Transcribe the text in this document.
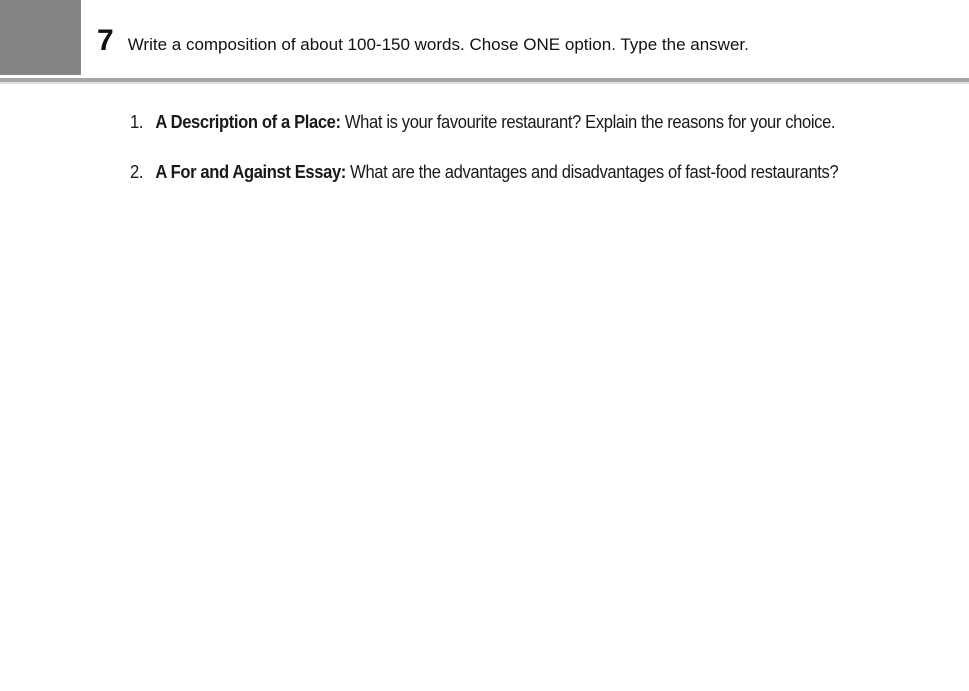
7 Write a composition of about 100-150 words. Chose ONE option. Type the answer.
1. A Description of a Place: What is your favourite restaurant? Explain the reasons for your choice.
2. A For and Against Essay: What are the advantages and disadvantages of fast-food restaurants?
